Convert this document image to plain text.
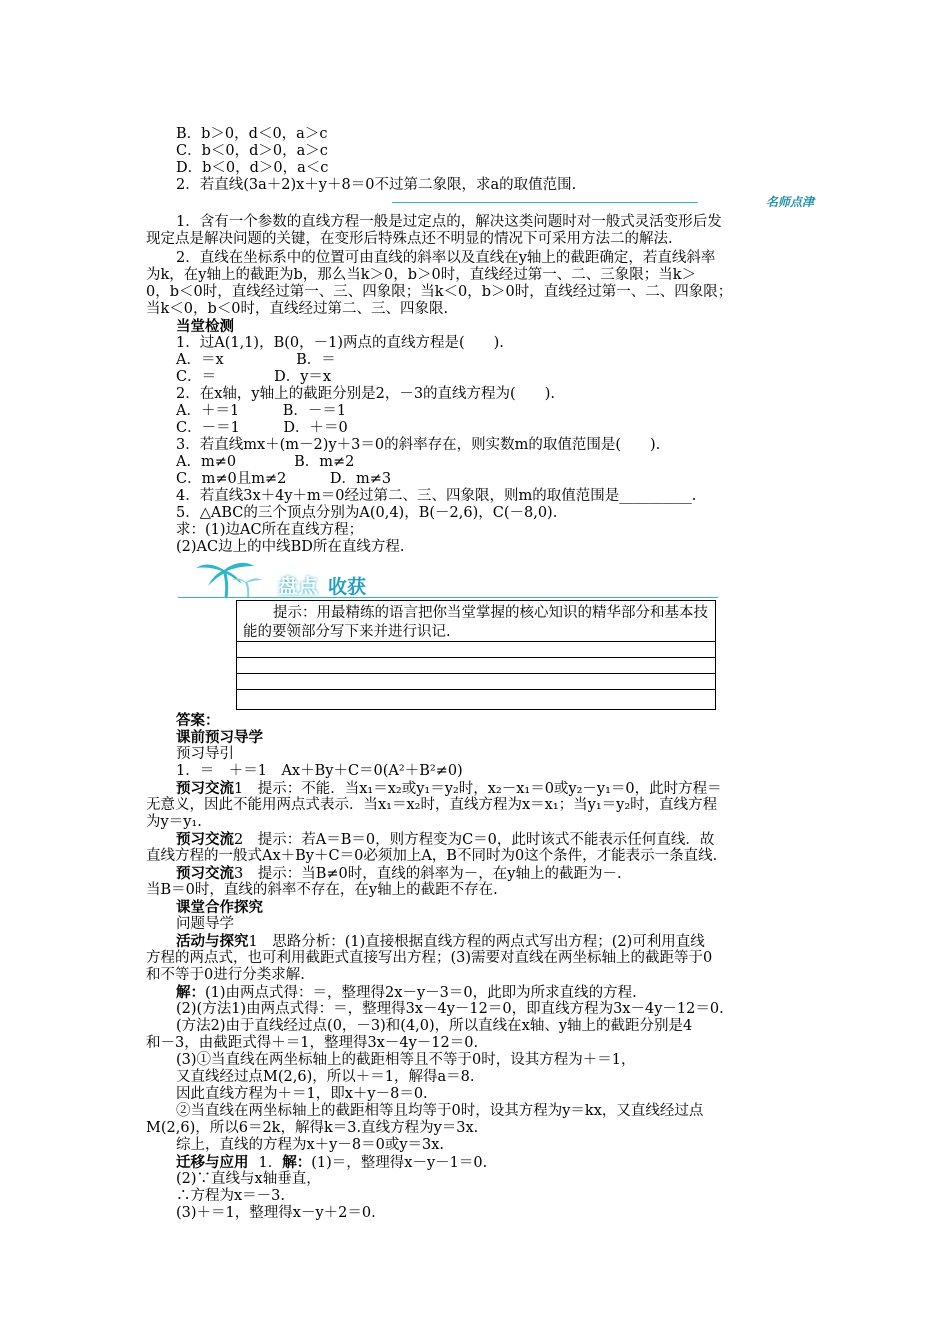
B．b＞0，d＜0，a＞c
C．b＜0，d＞0，a＞c
D．b＜0，d＞0，a＜c
2．若直线(3a＋2)x＋y＋8＝0不过第二象限，求a的取值范围.
名师点津
1．含有一个参数的直线方程一般是过定点的，解决这类问题时对一般式灵活变形后发
现定点是解决问题的关键，在变形后特殊点还不明显的情况下可采用方法二的解法.
2．直线在坐标系中的位置可由直线的斜率以及直线在y轴上的截距确定，若直线斜率
为k，在y轴上的截距为b，那么当k＞0，b＞0时，直线经过第一、二、三象限；当k＞
0，b＜0时，直线经过第一、三、四象限；当k＜0，b＞0时，直线经过第一、二、四象限；
当k＜0，b＜0时，直线经过第二、三、四象限.
当堂检测
1．过A(1,1)，B(0，－1)两点的直线方程是(　　).
A．＝x　　　　　B．＝
C．＝　　　　D．y＝x
2．在x轴，y轴上的截距分别是2，－3的直线方程为(　　).
A．＋＝1　　　B．－＝1
C．－＝1　　　D．＋＝0
3．若直线mx＋(m－2)y＋3＝0的斜率存在，则实数m的取值范围是(　　).
A．m≠0　　　　B．m≠2
C．m≠0且m≠2　　　D．m≠3
4．若直线3x＋4y＋m＝0经过第二、三、四象限，则m的取值范围是__________.
5．△ABC的三个顶点分别为A(0,4)，B(－2,6)，C(－8,0).
求：(1)边AC所在直线方程；
(2)AC边上的中线BD所在直线方程.
盘点 收获
提示：用最精练的语言把你当堂掌握的核心知识的精华部分和基本技能的要领部分写下来并进行识记.
答案：
课前预习导学
预习导引
1．＝　＋＝1　Ax＋By＋C＝0(A²＋B²≠0)
预习交流1　提示：不能．当x₁＝x₂或y₁＝y₂时，x₂－x₁＝0或y₂－y₁＝0，此时方程＝
无意义，因此不能用两点式表示．当x₁＝x₂时，直线方程为x＝x₁；当y₁＝y₂时，直线方程
为y＝y₁.
预习交流2　提示：若A＝B＝0，则方程变为C＝0，此时该式不能表示任何直线．故
直线方程的一般式Ax＋By＋C＝0必须加上A，B不同时为0这个条件，才能表示一条直线.
预习交流3　提示：当B≠0时，直线的斜率为－，在y轴上的截距为－.
当B＝0时，直线的斜率不存在，在y轴上的截距不存在.
课堂合作探究
问题导学
活动与探究1　思路分析：(1)直接根据直线方程的两点式写出方程；(2)可利用直线
方程的两点式，也可利用截距式直接写出方程；(3)需要对直线在两坐标轴上的截距等于0
和不等于0进行分类求解.
解：(1)由两点式得：＝，整理得2x－y－3＝0，此即为所求直线的方程.
(2)(方法1)由两点式得：＝，整理得3x－4y－12＝0，即直线方程为3x－4y－12＝0.
(方法2)由于直线经过点(0，－3)和(4,0)，所以直线在x轴、y轴上的截距分别是4
和－3，由截距式得＋＝1，整理得3x－4y－12＝0.
(3)①当直线在两坐标轴上的截距相等且不等于0时，设其方程为＋＝1，
又直线经过点M(2,6)，所以＋＝1，解得a＝8.
因此直线方程为＋＝1，即x＋y－8＝0.
②当直线在两坐标轴上的截距相等且均等于0时，设其方程为y＝kx，又直线经过点
M(2,6)，所以6＝2k，解得k＝3.直线方程为y＝3x.
综上，直线的方程为x＋y－8＝0或y＝3x.
迁移与应用 1．解：(1)＝，整理得x－y－1＝0.
(2)∵直线与x轴垂直，
∴方程为x＝－3.
(3)＋＝1，整理得x－y＋2＝0.
